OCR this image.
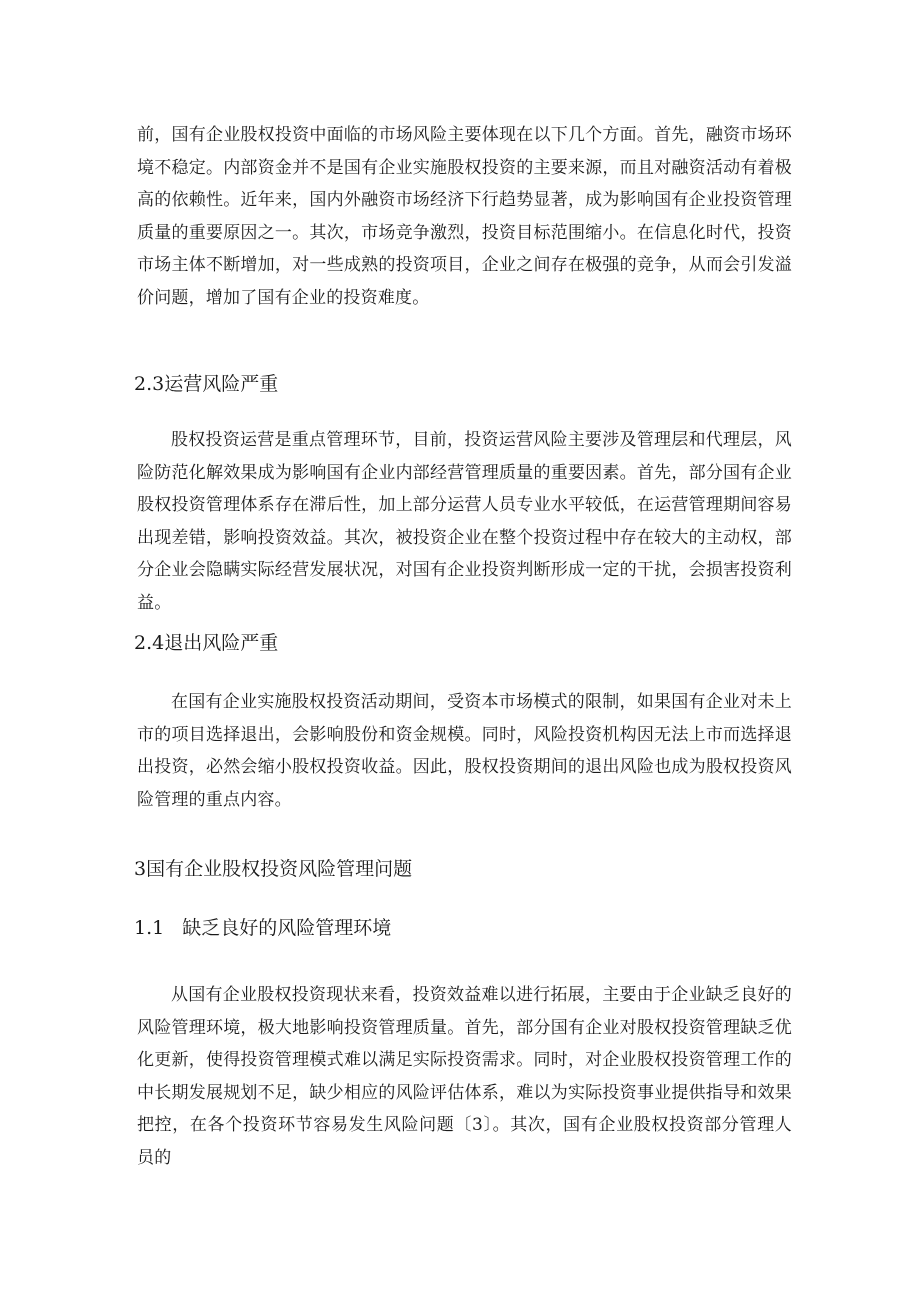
前，国有企业股权投资中面临的市场风险主要体现在以下几个方面。首先，融资市场环境不稳定。内部资金并不是国有企业实施股权投资的主要来源，而且对融资活动有着极高的依赖性。近年来，国内外融资市场经济下行趋势显著，成为影响国有企业投资管理质量的重要原因之一。其次，市场竞争激烈，投资目标范围缩小。在信息化时代，投资市场主体不断增加，对一些成熟的投资项目，企业之间存在极强的竞争，从而会引发溢价问题，增加了国有企业的投资难度。

2.3运营风险严重

股权投资运营是重点管理环节，目前，投资运营风险主要涉及管理层和代理层，风险防范化解效果成为影响国有企业内部经营管理质量的重要因素。首先，部分国有企业股权投资管理体系存在滞后性，加上部分运营人员专业水平较低，在运营管理期间容易出现差错，影响投资效益。其次，被投资企业在整个投资过程中存在较大的主动权，部分企业会隐瞒实际经营发展状况，对国有企业投资判断形成一定的干扰，会损害投资利益。

2.4退出风险严重

在国有企业实施股权投资活动期间，受资本市场模式的限制，如果国有企业对未上市的项目选择退出，会影响股份和资金规模。同时，风险投资机构因无法上市而选择退出投资，必然会缩小股权投资收益。因此，股权投资期间的退出风险也成为股权投资风险管理的重点内容。

3国有企业股权投资风险管理问题
1.1 缺乏良好的风险管理环境

从国有企业股权投资现状来看，投资效益难以进行拓展，主要由于企业缺乏良好的风险管理环境，极大地影响投资管理质量。首先，部分国有企业对股权投资管理缺乏优化更新，使得投资管理模式难以满足实际投资需求。同时，对企业股权投资管理工作的中长期发展规划不足，缺少相应的风险评估体系，难以为实际投资事业提供指导和效果把控，在各个投资环节容易发生风险问题〔3〕。其次，国有企业股权投资部分管理人员的
